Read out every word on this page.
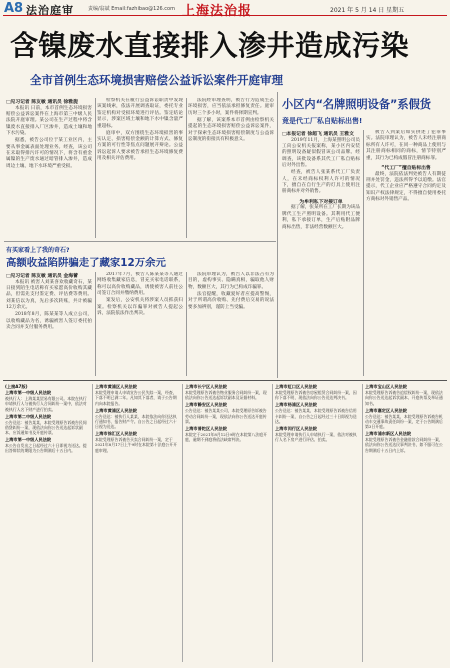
A8 法治庭审	责编/翁斌 Email:fazhibao@126.com 上海法治报	2021 年 5 月 14 日 星期五
含镍废水直接排入渗井造成污染
全市首例生态环境损害赔偿公益诉讼案件开庭审理

□见习记者 陈友敏 通讯员 徐雅旎

本报讯 日前，本市首例生态环境损害赔偿公益诉讼案件在上海市第三中级人民法院开庭审理。某公司在生产过程中将含镍废水直接排入厂区渗井，造成土壤和地下水污染。

据悉，被告公司位于某工业区内，主要从事金属表面处理业务。经查，该公司在未取得排污许可的情况下，将含有重金属镍的生产废水通过暗管排入渗井，造成周边土壤、地下水环境严重受损。

检察机关在履行公益诉讼职责中发现该案线索，依法开展调查取证，委托专业鉴定机构对受损环境进行评估。鉴定结论显示，涉案区域土壤和地下水中镍含量严重超标。

庭审中，双方围绕生态环境损害的事实认定、损害赔偿金额的计算方式、修复方案的可行性等焦点问题展开辩论。公益诉讼起诉人要求被告承担生态环境修复费用及相关评估费用。

法院经审理查明，被告行为造成生态环境损害，应当依法承担修复责任。庭审历时三个多小时，案件将择期宣判。

据了解，该案系本市首例由检察机关提起的生态环境损害赔偿公益诉讼案件，对于探索生态环境损害赔偿制度与公益诉讼制度的衔接具有积极意义。

有买家看上了我的奇石?
高额收益陷阱骗走了藏家12万余元

□见习记者 陈友敏 通讯员 金海蕾

本报讯 被害人刘某喜欢收藏奇石，某日接到陌生电话称有买家愿高价收购其藏品，但需先支付鉴定费、评估费等费用。刘某信以为真，先后多次转账，共计被骗12万余元。

2018年8月，陈某某等人成立公司，以收购藏品为名，诱骗被害人签订委托拍卖合同并支付服务费用。

2017年7月，被告人陈某某等人通过网络收集藏家信息，冒充买家电话联系，称可以高价收购藏品，诱使被害人前往公司签订合同并缴纳费用。

案发后，公安机关将涉案人员抓获归案。检察机关以诈骗罪对被告人提起公诉，法院依法作出判决。

法院审理认为，被告人以非法占有为目的，虚构事实、隐瞒真相，骗取他人财物，数额巨大，其行为已构成诈骗罪。

法官提醒，收藏爱好者应提高警惕，对于所谓高价收购、先付费后交易的说法要多加辨别，谨防上当受骗。

小区内“名牌照明设备”系假货
竟是代工厂私自贴标出售!

□本报记者 徐超飞 通讯员 王雅文

2019年11月，上海某照明公司员工向公安机关报案称，某小区内安装的照明设备疑似假冒该公司品牌。经调查，该批设备系其代工厂私自贴标后对外出售。

经查，被告人张某系代工厂负责人，在未经商标权利人许可的情况下，擅自在自行生产的灯具上使用注册商标并对外销售。

为牟利私下对接订单

据了解，张某所在工厂长期为该品牌代工生产照明设备。其利用代工便利，私下承接订单，生产后贴附品牌商标出售，非法经营数额巨大。

被告人到案后如实供述了犯罪事实。法院审理认为，被告人未经注册商标所有人许可，在同一种商品上使用与其注册商标相同的商标，情节特别严重，其行为已构成假冒注册商标罪。

“代工厂”擅自贴标出售

最终，法院依法判处被告人有期徒刑并处罚金，违法所得予以追缴。法官提示，代工企业应严格遵守合同约定及知识产权法律规定，不得擅自使用委托方商标对外销售产品。

(上接A7版)
上海市第一中级人民法院
被执行人：上海某某贸易有限公司。本院在执行申请执行人与被执行人合同纠纷一案中，依法对被执行人名下财产进行拍卖。
上海市第二中级人民法院
公告送达：被告某某，本院受理原告诉被告民间借贷纠纷一案，现依法向你公告送达起诉状副本、应诉通知书及开庭传票。
上海市第一中级人民法院
本公告自发出之日起经过六十日即视为送达。提出答辩状的期限为公告期满后十五日内。
上海市黄浦区人民法院
本院受理申请人申请宣告公民失踪一案，经查，下落不明已满二年。凡知其下落者，请于公告期内向本院报告。
上海市黄浦区人民法院
公告送达：被执行人某某，本院依法向你送达执行通知书、报告财产令。自公告之日起经过六十日视为送达。
上海市徐汇区人民法院
本院受理原告诉被告买卖合同纠纷一案，定于2021年8月17日上午9时在本院第十法庭公开开庭审理。
上海市长宁区人民法院
本院受理原告诉被告物业服务合同纠纷一案，现依法向你公告送达起诉状副本及证据材料。
上海市静安区人民法院
公告送达：被告某某公司，本院受理原告诉被告劳动合同纠纷一案，现依法向你公告送达开庭传票。
上海市普陀区人民法院
本院定于2021年8月12日9时在本院第八法庭开庭，逾期不到庭将依法缺席判决。
上海市虹口区人民法院
本院受理原告诉被告房屋租赁合同纠纷一案，因你下落不明，现依法向你公告送达判决书。
上海市杨浦区人民法院
公告送达：被告某某，本院受理原告诉被告信用卡纠纷一案，自公告之日起经过三十日即视为送达。
上海市闵行区人民法院
本院受理申请执行人申请执行一案，依法对被执行人名下房产进行评估、拍卖。
上海市宝山区人民法院
本院受理原告诉被告追偿权纠纷一案，现依法向你公告送达起诉状副本、开庭传票及举证通知书。
上海市嘉定区人民法院
公告送达：被告某某，本院受理原告诉被告机动车交通事故责任纠纷一案，定于公告期满后第3日开庭。
上海市浦东新区人民法院
本院受理原告诉被告金融借款合同纠纷一案，依法向你公告送达民事判决书，如不服可在公告期满后十五日内上诉。
